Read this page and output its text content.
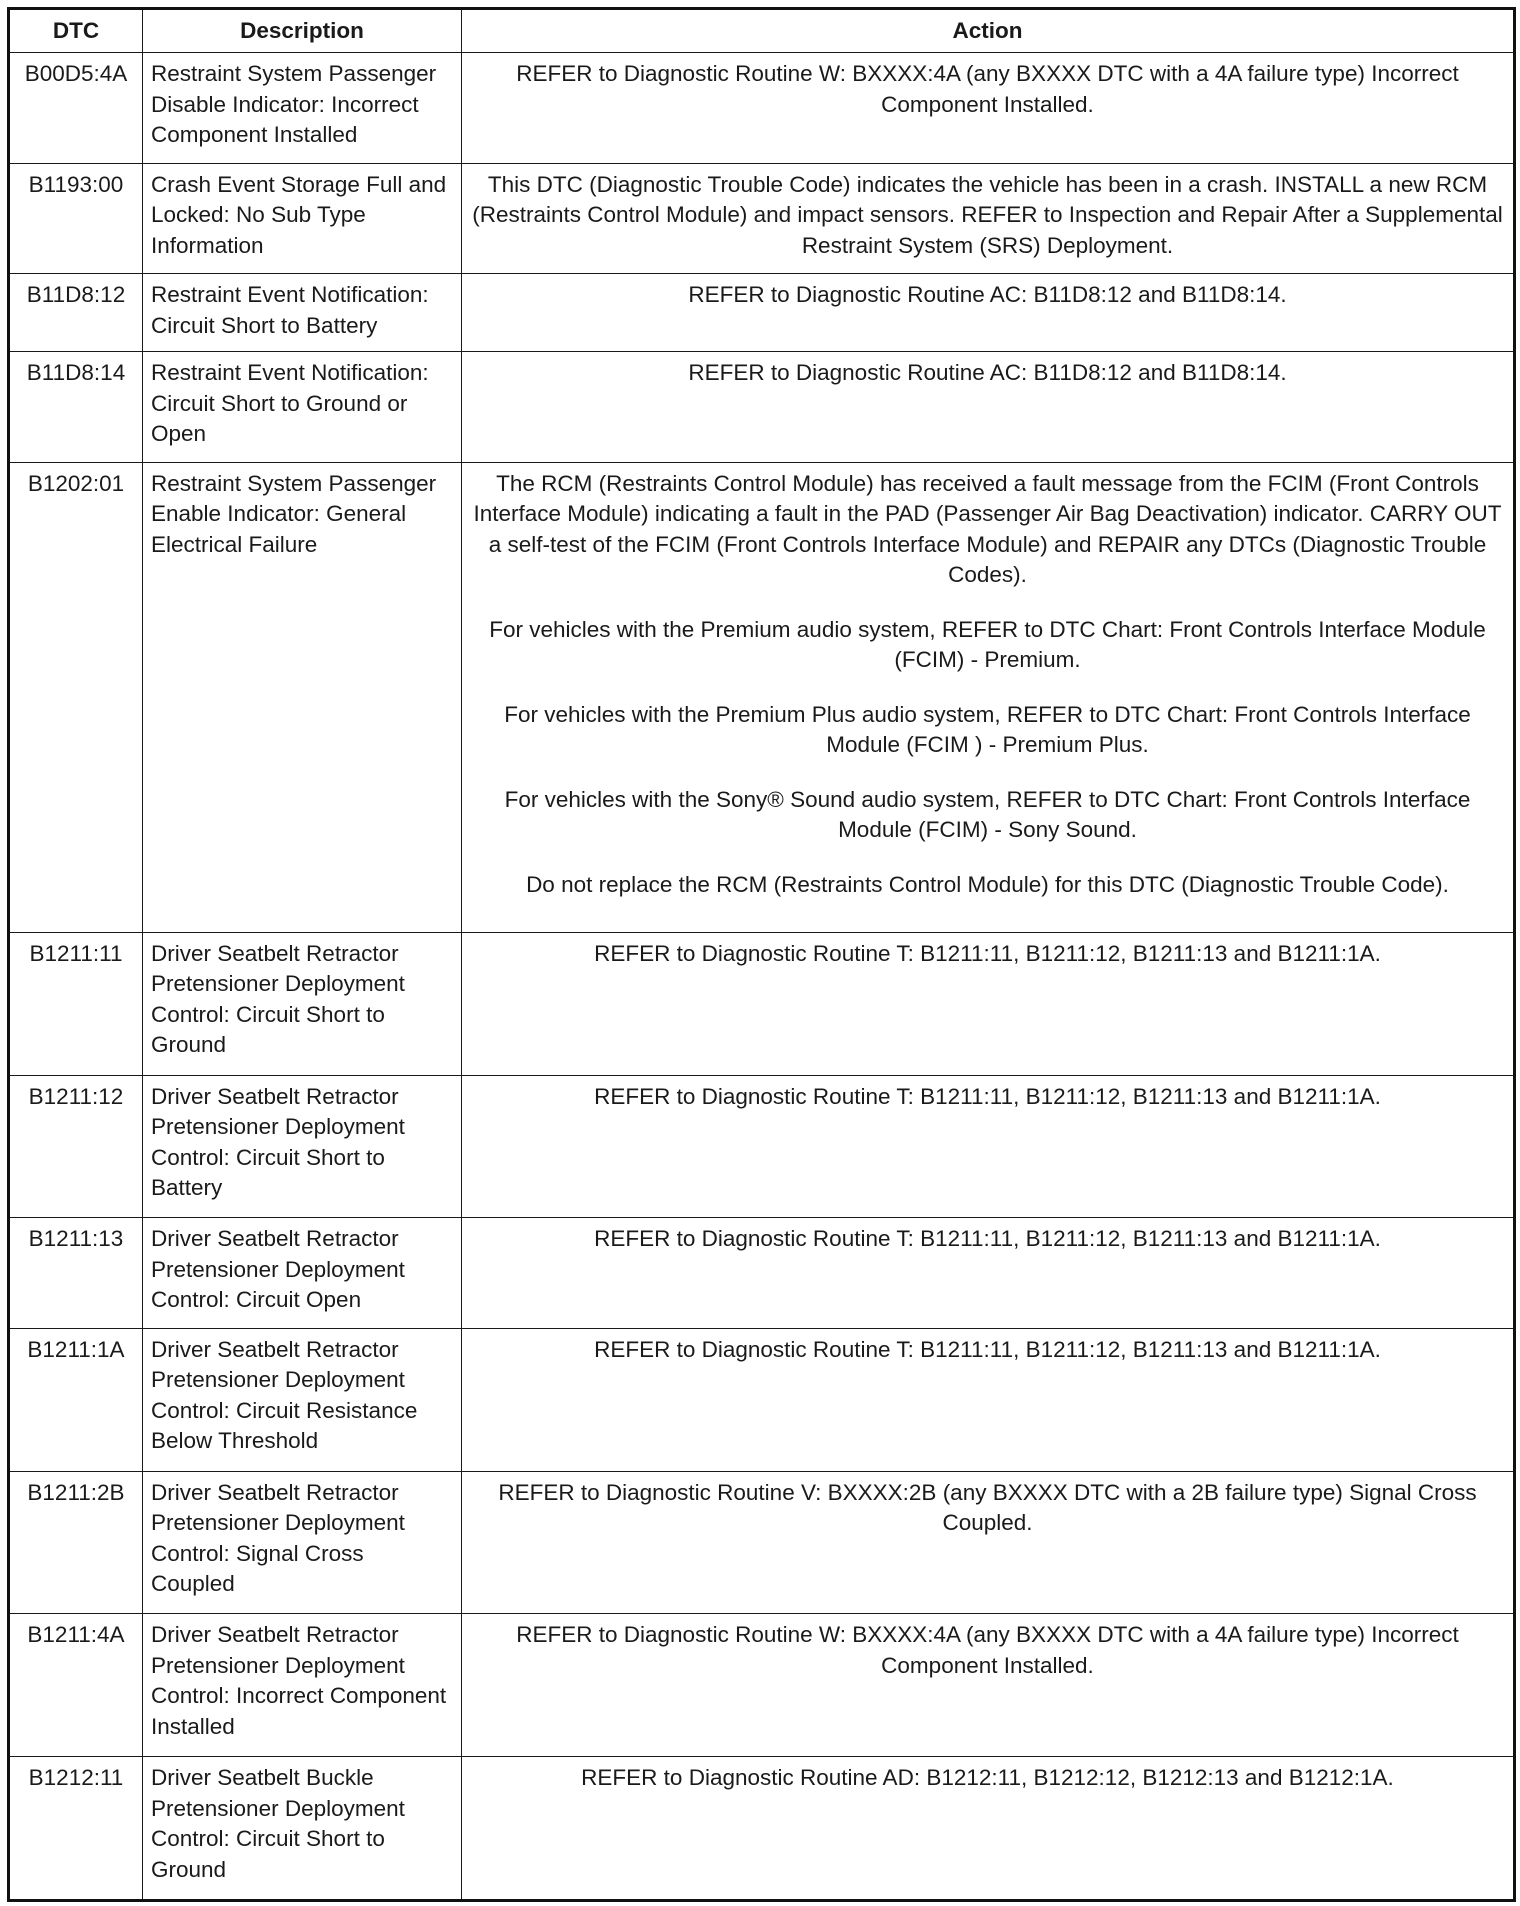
DTC	Description	Action
B00D5:4A	Restraint System Passenger Disable Indicator: Incorrect Component Installed	REFER to Diagnostic Routine W: BXXXX:4A (any BXXXX DTC with a 4A failure type) Incorrect Component Installed.

B1193:00	Crash Event Storage Full and Locked: No Sub Type Information	This DTC (Diagnostic Trouble Code) indicates the vehicle has been in a crash. INSTALL a new RCM (Restraints Control Module) and impact sensors. REFER to Inspection and Repair After a Supplemental Restraint System (SRS) Deployment.

B11D8:12	Restraint Event Notification: Circuit Short to Battery	REFER to Diagnostic Routine AC: B11D8:12 and B11D8:14.

B11D8:14	Restraint Event Notification: Circuit Short to Ground or Open	REFER to Diagnostic Routine AC: B11D8:12 and B11D8:14.

B1202:01	Restraint System Passenger Enable Indicator: General Electrical Failure	The RCM (Restraints Control Module) has received a fault message from the FCIM (Front Controls Interface Module) indicating a fault in the PAD (Passenger Air Bag Deactivation) indicator. CARRY OUT a self-test of the FCIM (Front Controls Interface Module) and REPAIR any DTCs (Diagnostic Trouble Codes).
For vehicles with the Premium audio system, REFER to DTC Chart: Front Controls Interface Module (FCIM) - Premium.
For vehicles with the Premium Plus audio system, REFER to DTC Chart: Front Controls Interface Module (FCIM ) - Premium Plus.
For vehicles with the Sony® Sound audio system, REFER to DTC Chart: Front Controls Interface Module (FCIM) - Sony Sound.
Do not replace the RCM (Restraints Control Module) for this DTC (Diagnostic Trouble Code).

B1211:11	Driver Seatbelt Retractor Pretensioner Deployment Control: Circuit Short to Ground	REFER to Diagnostic Routine T: B1211:11, B1211:12, B1211:13 and B1211:1A.

B1211:12	Driver Seatbelt Retractor Pretensioner Deployment Control: Circuit Short to Battery	REFER to Diagnostic Routine T: B1211:11, B1211:12, B1211:13 and B1211:1A.

B1211:13	Driver Seatbelt Retractor Pretensioner Deployment Control: Circuit Open	REFER to Diagnostic Routine T: B1211:11, B1211:12, B1211:13 and B1211:1A.

B1211:1A	Driver Seatbelt Retractor Pretensioner Deployment Control: Circuit Resistance Below Threshold	REFER to Diagnostic Routine T: B1211:11, B1211:12, B1211:13 and B1211:1A.

B1211:2B	Driver Seatbelt Retractor Pretensioner Deployment Control: Signal Cross Coupled	REFER to Diagnostic Routine V: BXXXX:2B (any BXXXX DTC with a 2B failure type) Signal Cross Coupled.

B1211:4A	Driver Seatbelt Retractor Pretensioner Deployment Control: Incorrect Component Installed	REFER to Diagnostic Routine W: BXXXX:4A (any BXXXX DTC with a 4A failure type) Incorrect Component Installed.

B1212:11	Driver Seatbelt Buckle Pretensioner Deployment Control: Circuit Short to Ground	REFER to Diagnostic Routine AD: B1212:11, B1212:12, B1212:13 and B1212:1A.
